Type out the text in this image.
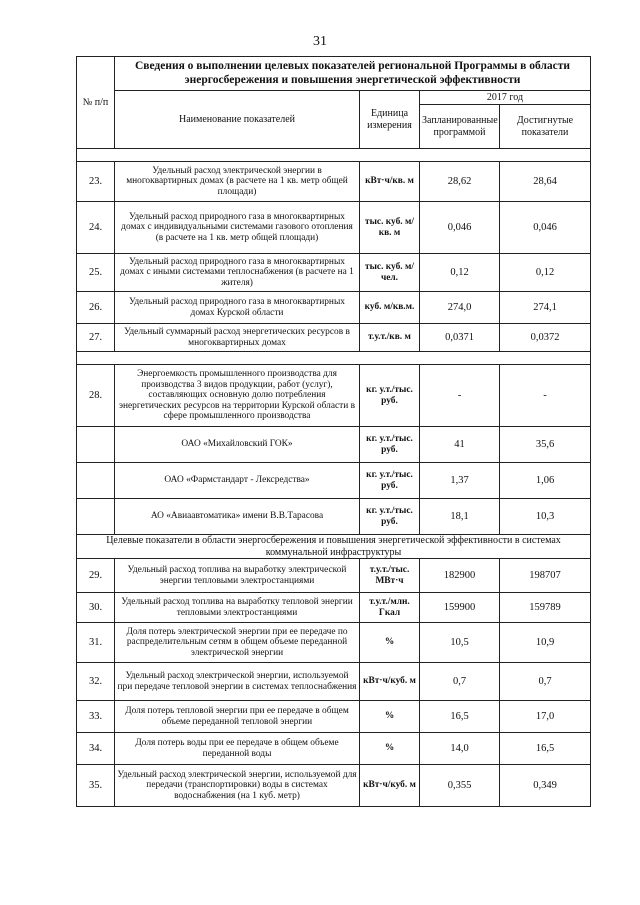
31
№ п/п	Сведения о выполнении целевых показателей региональной Программы в области энергосбережения и повышения энергетической эффективности			
	Наименование показателей	Единица измерения	2017 год	
			Запланированные программой	Достигнутые показатели

23.	Удельный расход электрической энергии в многоквартирных домах (в расчете на 1 кв. метр общей площади)	кВт·ч/кв. м	28,62	28,64
24.	Удельный расход природного газа в многоквартирных домах с индивидуальными системами газового отопления (в расчете на 1 кв. метр общей площади)	тыс. куб. м/кв. м	0,046	0,046
25.	Удельный расход природного газа в многоквартирных домах с иными системами теплоснабжения (в расчете на 1 жителя)	тыс. куб. м/чел.	0,12	0,12
26.	Удельный расход природного газа в многоквартирных домах Курской области	куб. м/кв.м.	274,0	274,1
27.	Удельный суммарный расход энергетических ресурсов в многоквартирных домах	т.у.т./кв. м	0,0371	0,0372

28.	Энергоемкость промышленного производства для производства 3 видов продукции, работ (услуг), составляющих основную долю потребления энергетических ресурсов на территории Курской области в сфере промышленного производства	кг. у.т./тыс. руб.	-	-
	ОАО «Михайловский ГОК»	кг. у.т./тыс. руб.	41	35,6
	ОАО «Фармстандарт - Лексредства»	кг. у.т./тыс. руб.	1,37	1,06
	АО «Авиаавтоматика» имени В.В.Тарасова	кг. у.т./тыс. руб.	18,1	10,3
Целевые показатели в области энергосбережения и повышения энергетической эффективности в системах коммунальной инфраструктуры				
29.	Удельный расход топлива на выработку электрической энергии тепловыми электростанциями	т.у.т./тыс. МВт·ч	182900	198707
30.	Удельный расход топлива на выработку тепловой энергии тепловыми электростанциями	т.у.т./млн. Гкал	159900	159789
31.	Доля потерь электрической энергии при ее передаче по распределительным сетям в общем объеме переданной электрической энергии	%	10,5	10,9
32.	Удельный расход электрической энергии, используемой при передаче тепловой энергии в системах теплоснабжения	кВт·ч/куб. м	0,7	0,7
33.	Доля потерь тепловой энергии при ее передаче в общем объеме переданной тепловой энергии	%	16,5	17,0
34.	Доля потерь воды при ее передаче в общем объеме переданной воды	%	14,0	16,5
35.	Удельный расход электрической энергии, используемой для передачи (транспортировки) воды в системах водоснабжения (на 1 куб. метр)	кВт·ч/куб. м	0,355	0,349
